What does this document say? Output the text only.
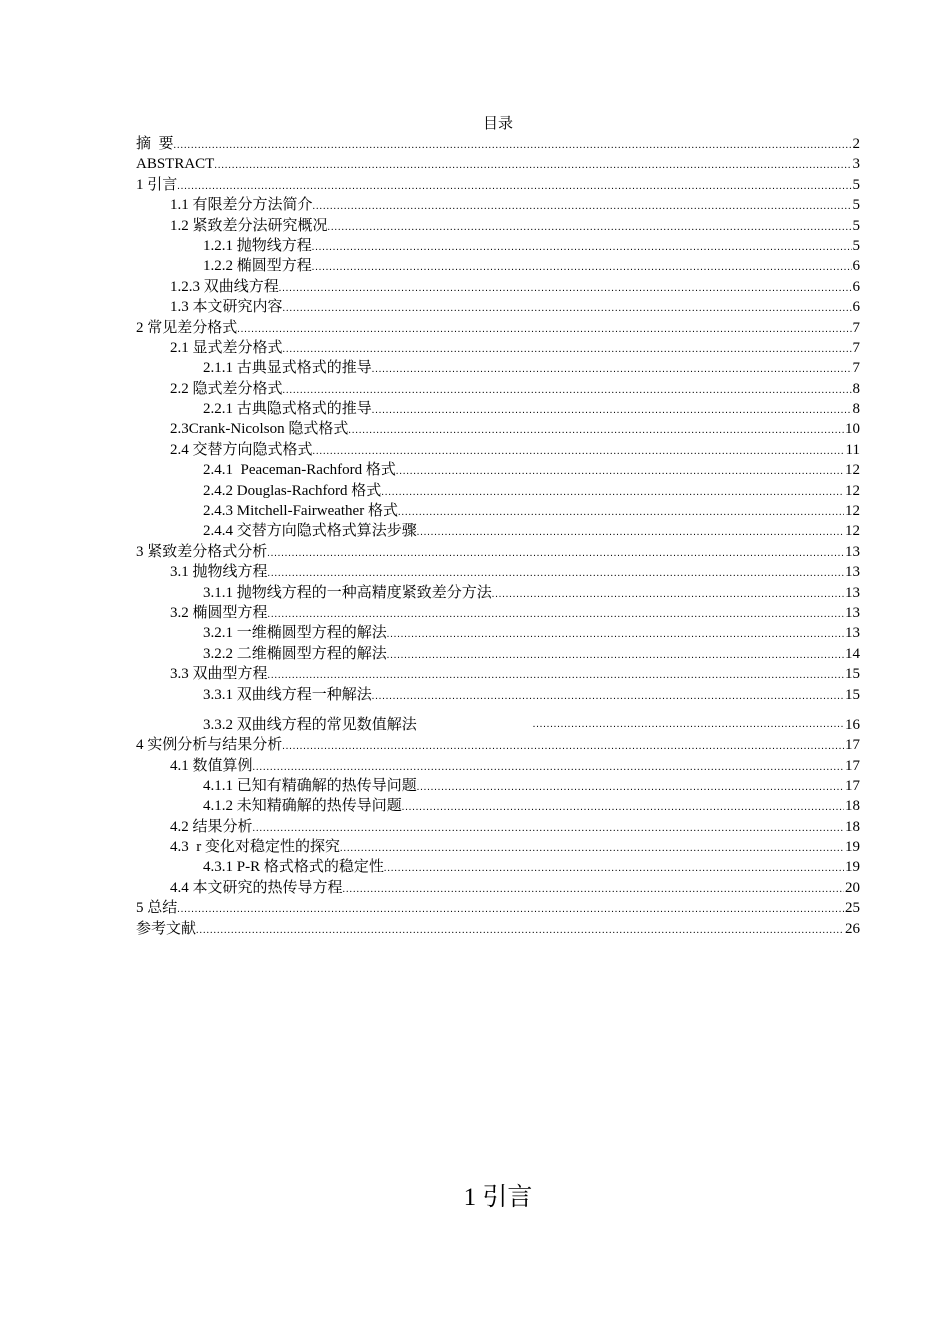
目录
摘  要 .....	2
ABSTRACT .....	3
1 引言 .....	5
1.1 有限差分方法简介 .....	5
1.2 紧致差分法研究概况 .....	5
1.2.1 抛物线方程 .....	5
1.2.2 椭圆型方程 .....	6
1.2.3 双曲线方程 .....	6
1.3 本文研究内容 .....	6
2 常见差分格式 .....	7
2.1 显式差分格式 .....	7
2.1.1 古典显式格式的推导 .....	7
2.2 隐式差分格式 .....	8
2.2.1 古典隐式格式的推导 .....	8
2.3Crank-Nicolson 隐式格式 .....	10
2.4 交替方向隐式格式 .....	11
2.4.1  Peaceman-Rachford 格式 .....	12
2.4.2 Douglas-Rachford 格式 .....	12
2.4.3 Mitchell-Fairweather 格式 .....	12
2.4.4 交替方向隐式格式算法步骤 .....	12
3 紧致差分格式分析 .....	13
3.1 抛物线方程 .....	13
3.1.1 抛物线方程的一种高精度紧致差分方法 .....	13
3.2 椭圆型方程 .....	13
3.2.1 一维椭圆型方程的解法 .....	13
3.2.2 二维椭圆型方程的解法 .....	14
3.3 双曲型方程 .....	15
3.3.1 双曲线方程一种解法 .....	15
3.3.2 双曲线方程的常见数值解法 .....	16
4 实例分析与结果分析 .....	17
4.1 数值算例 .....	17
4.1.1 已知有精确解的热传导问题 .....	17
4.1.2 未知精确解的热传导问题 .....	18
4.2 结果分析 .....	18
4.3  r 变化对稳定性的探究 .....	19
4.3.1 P-R 格式格式的稳定性 .....	19
4.4 本文研究的热传导方程 .....	20
5 总结 .....	25
参考文献 .....	26
1 引言
